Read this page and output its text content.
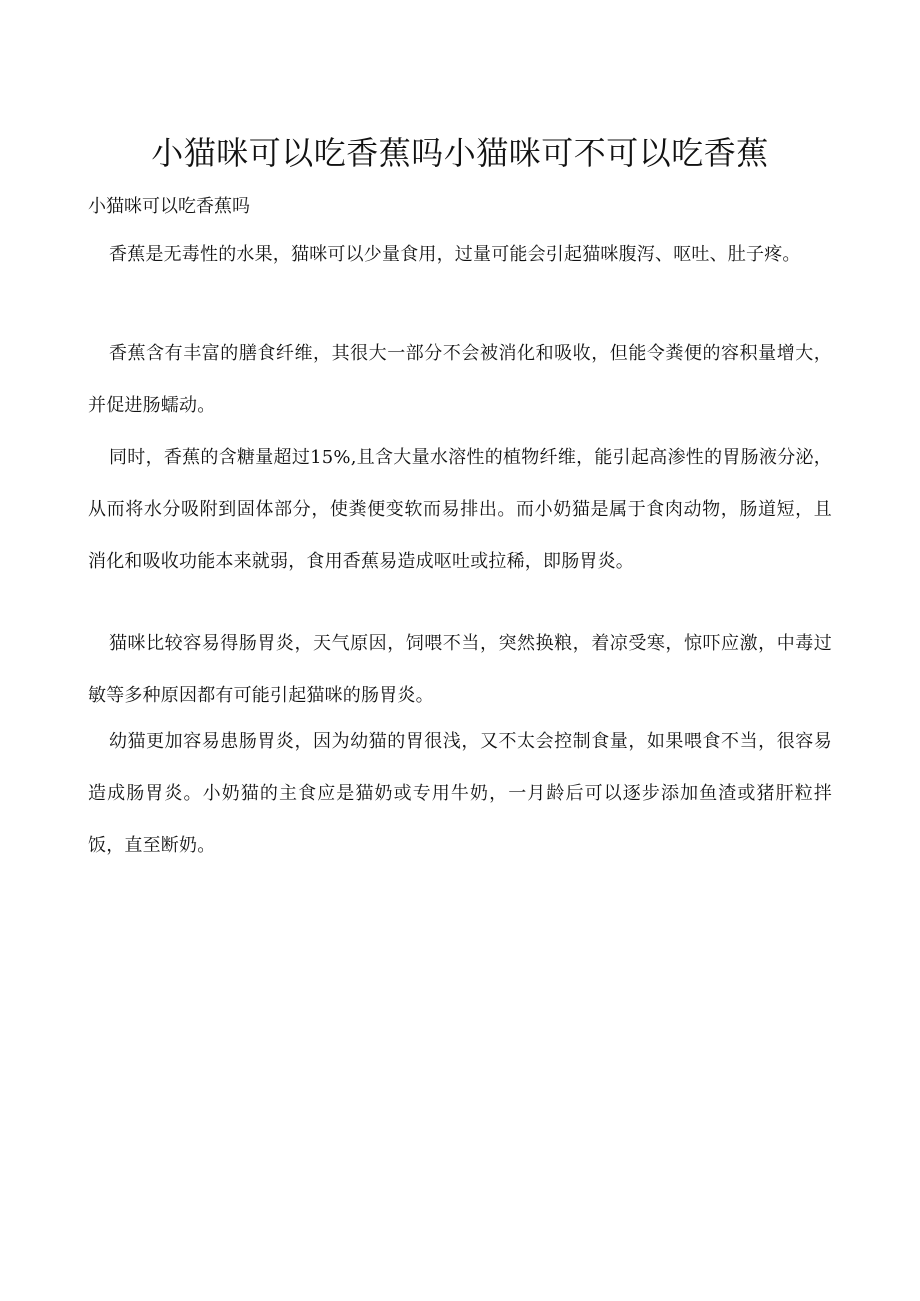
小猫咪可以吃香蕉吗小猫咪可不可以吃香蕉

小猫咪可以吃香蕉吗

香蕉是无毒性的水果，猫咪可以少量食用，过量可能会引起猫咪腹泻、呕吐、肚子疼。

香蕉含有丰富的膳食纤维，其很大一部分不会被消化和吸收，但能令粪便的容积量增大，并促进肠蠕动。

同时，香蕉的含糖量超过15%,且含大量水溶性的植物纤维，能引起高渗性的胃肠液分泌，从而将水分吸附到固体部分，使粪便变软而易排出。而小奶猫是属于食肉动物，肠道短，且消化和吸收功能本来就弱，食用香蕉易造成呕吐或拉稀，即肠胃炎。

猫咪比较容易得肠胃炎，天气原因，饲喂不当，突然换粮，着凉受寒，惊吓应激，中毒过敏等多种原因都有可能引起猫咪的肠胃炎。

幼猫更加容易患肠胃炎，因为幼猫的胃很浅，又不太会控制食量，如果喂食不当，很容易造成肠胃炎。小奶猫的主食应是猫奶或专用牛奶，一月龄后可以逐步添加鱼渣或猪肝粒拌饭，直至断奶。
